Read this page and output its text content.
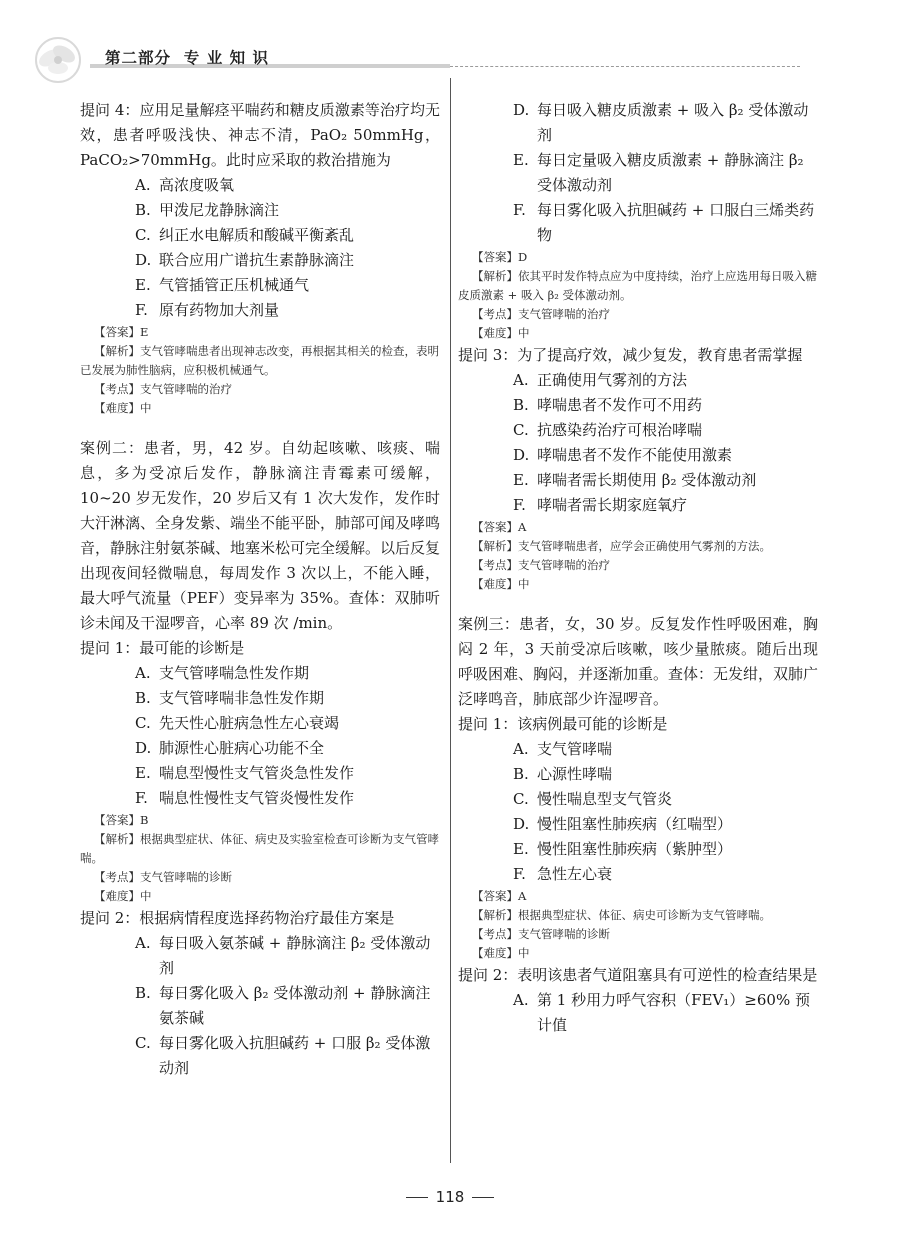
第二部分  专 业 知 识

提问 4：应用足量解痉平喘药和糖皮质激素等治疗均无效，患者呼吸浅快、神志不清，PaO₂ 50mmHg，PaCO₂>70mmHg。此时应采取的救治措施为

A. 高浓度吸氧
B. 甲泼尼龙静脉滴注
C. 纠正水电解质和酸碱平衡紊乱
D. 联合应用广谱抗生素静脉滴注
E. 气管插管正压机械通气
F. 原有药物加大剂量

【答案】E

【解析】支气管哮喘患者出现神志改变，再根据其相关的检查，表明已发展为肺性脑病，应积极机械通气。

【考点】支气管哮喘的治疗

【难度】中

案例二：患者，男，42 岁。自幼起咳嗽、咳痰、喘息，多为受凉后发作，静脉滴注青霉素可缓解，10~20 岁无发作，20 岁后又有 1 次大发作，发作时大汗淋漓、全身发紫、端坐不能平卧，肺部可闻及哮鸣音，静脉注射氨茶碱、地塞米松可完全缓解。以后反复出现夜间轻微喘息，每周发作 3 次以上，不能入睡，最大呼气流量（PEF）变异率为 35%。查体：双肺听诊未闻及干湿啰音，心率 89 次 /min。

提问 1：最可能的诊断是

A. 支气管哮喘急性发作期
B. 支气管哮喘非急性发作期
C. 先天性心脏病急性左心衰竭
D. 肺源性心脏病心功能不全
E. 喘息型慢性支气管炎急性发作
F. 喘息性慢性支气管炎慢性发作

【答案】B

【解析】根据典型症状、体征、病史及实验室检查可诊断为支气管哮喘。

【考点】支气管哮喘的诊断

【难度】中

提问 2：根据病情程度选择药物治疗最佳方案是

A. 每日吸入氨茶碱 + 静脉滴注 β₂ 受体激动剂
B. 每日雾化吸入 β₂ 受体激动剂 + 静脉滴注氨茶碱
C. 每日雾化吸入抗胆碱药 + 口服 β₂ 受体激动剂
D. 每日吸入糖皮质激素 + 吸入 β₂ 受体激动剂
E. 每日定量吸入糖皮质激素 + 静脉滴注 β₂ 受体激动剂
F. 每日雾化吸入抗胆碱药 + 口服白三烯类药物

【答案】D

【解析】依其平时发作特点应为中度持续，治疗上应选用每日吸入糖皮质激素 + 吸入 β₂ 受体激动剂。

【考点】支气管哮喘的治疗

【难度】中

提问 3：为了提高疗效，减少复发，教育患者需掌握

A. 正确使用气雾剂的方法
B. 哮喘患者不发作可不用药
C. 抗感染药治疗可根治哮喘
D. 哮喘患者不发作不能使用激素
E. 哮喘者需长期使用 β₂ 受体激动剂
F. 哮喘者需长期家庭氧疗

【答案】A

【解析】支气管哮喘患者，应学会正确使用气雾剂的方法。

【考点】支气管哮喘的治疗

【难度】中

案例三：患者，女，30 岁。反复发作性呼吸困难，胸闷 2 年，3 天前受凉后咳嗽，咳少量脓痰。随后出现呼吸困难、胸闷，并逐渐加重。查体：无发绀，双肺广泛哮鸣音，肺底部少许湿啰音。

提问 1：该病例最可能的诊断是

A. 支气管哮喘
B. 心源性哮喘
C. 慢性喘息型支气管炎
D. 慢性阻塞性肺疾病（红喘型）
E. 慢性阻塞性肺疾病（紫肿型）
F. 急性左心衰

【答案】A

【解析】根据典型症状、体征、病史可诊断为支气管哮喘。

【考点】支气管哮喘的诊断

【难度】中

提问 2：表明该患者气道阻塞具有可逆性的检查结果是

A. 第 1 秒用力呼气容积（FEV₁）≥60% 预计值
118
